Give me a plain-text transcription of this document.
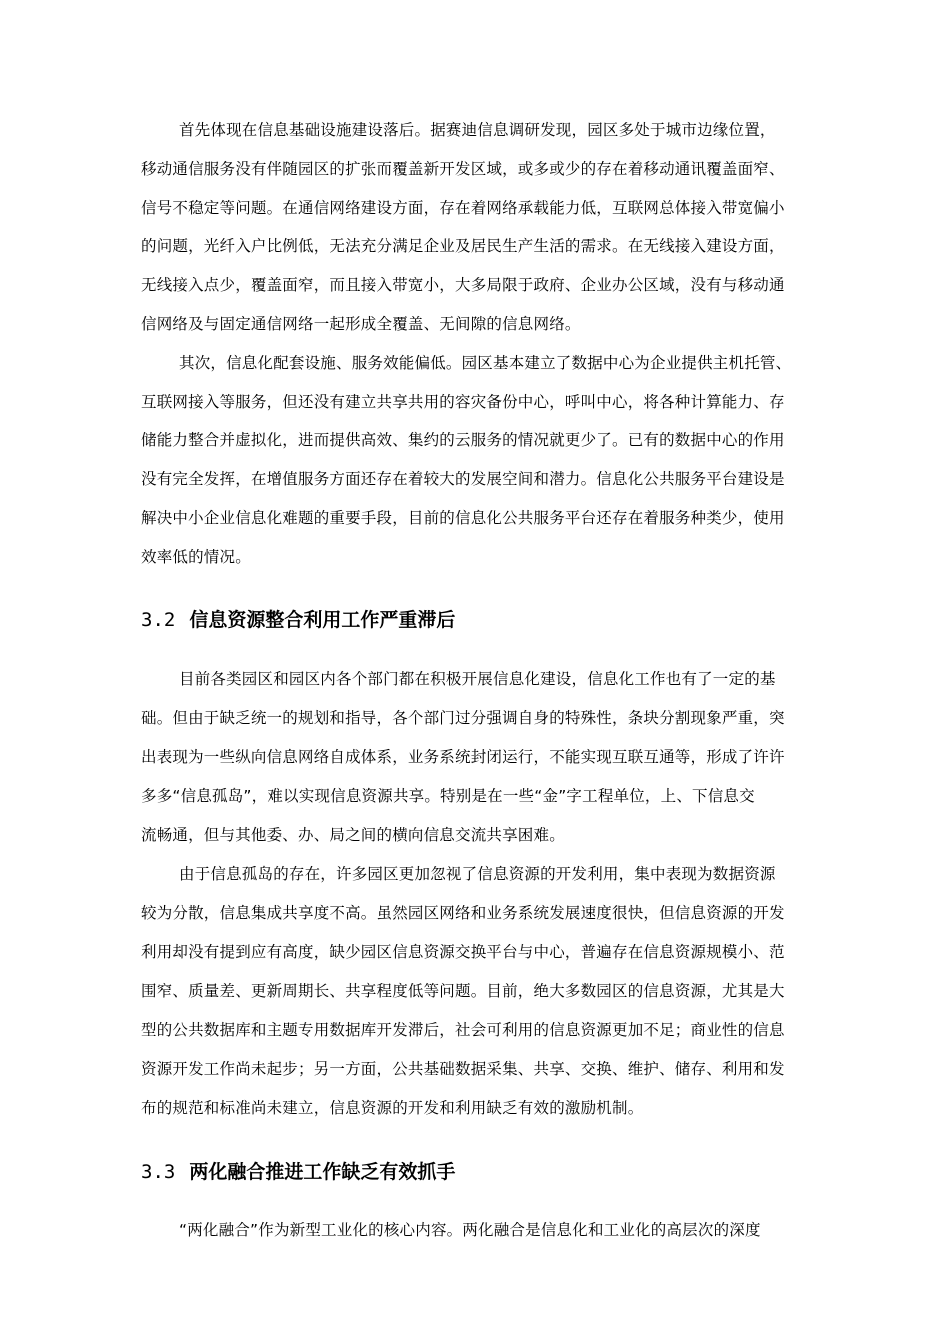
首先体现在信息基础设施建设落后。据赛迪信息调研发现，园区多处于城市边缘位置，
移动通信服务没有伴随园区的扩张而覆盖新开发区域，或多或少的存在着移动通讯覆盖面窄、
信号不稳定等问题。在通信网络建设方面，存在着网络承载能力低，互联网总体接入带宽偏小
的问题，光纤入户比例低，无法充分满足企业及居民生产生活的需求。在无线接入建设方面，
无线接入点少，覆盖面窄，而且接入带宽小，大多局限于政府、企业办公区域，没有与移动通
信网络及与固定通信网络一起形成全覆盖、无间隙的信息网络。
其次，信息化配套设施、服务效能偏低。园区基本建立了数据中心为企业提供主机托管、
互联网接入等服务，但还没有建立共享共用的容灾备份中心，呼叫中心，将各种计算能力、存
储能力整合并虚拟化，进而提供高效、集约的云服务的情况就更少了。已有的数据中心的作用
没有完全发挥，在增值服务方面还存在着较大的发展空间和潜力。信息化公共服务平台建设是
解决中小企业信息化难题的重要手段，目前的信息化公共服务平台还存在着服务种类少，使用
效率低的情况。
3.2 信息资源整合利用工作严重滞后
目前各类园区和园区内各个部门都在积极开展信息化建设，信息化工作也有了一定的基
础。但由于缺乏统一的规划和指导，各个部门过分强调自身的特殊性，条块分割现象严重，突
出表现为一些纵向信息网络自成体系，业务系统封闭运行，不能实现互联互通等，形成了许许
多多“信息孤岛”，难以实现信息资源共享。特别是在一些“金”字工程单位，上、下信息交
流畅通，但与其他委、办、局之间的横向信息交流共享困难。
由于信息孤岛的存在，许多园区更加忽视了信息资源的开发利用，集中表现为数据资源
较为分散，信息集成共享度不高。虽然园区网络和业务系统发展速度很快，但信息资源的开发
利用却没有提到应有高度，缺少园区信息资源交换平台与中心，普遍存在信息资源规模小、范
围窄、质量差、更新周期长、共享程度低等问题。目前，绝大多数园区的信息资源，尤其是大
型的公共数据库和主题专用数据库开发滞后，社会可利用的信息资源更加不足；商业性的信息
资源开发工作尚未起步；另一方面，公共基础数据采集、共享、交换、维护、储存、利用和发
布的规范和标准尚未建立，信息资源的开发和利用缺乏有效的激励机制。
3.3 两化融合推进工作缺乏有效抓手
“两化融合”作为新型工业化的核心内容。两化融合是信息化和工业化的高层次的深度
